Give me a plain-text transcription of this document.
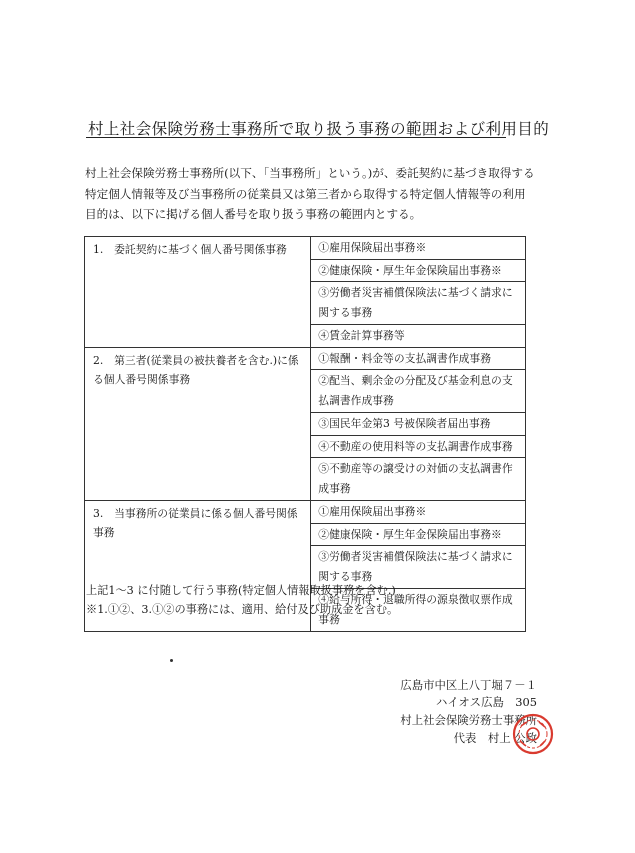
村上社会保険労務士事務所で取り扱う事務の範囲および利用目的
村上社会保険労務士事務所(以下、「当事務所」という。)が、委託契約に基づき取得する
特定個人情報等及び当事務所の従業員又は第三者から取得する特定個人情報等の利用
目的は、以下に掲げる個人番号を取り扱う事務の範囲内とする。
1.　委託契約に基づく個人番号関係事務	①雇用保険届出事務※
②健康保険・厚生年金保険届出事務※
③労働者災害補償保険法に基づく請求に関する事務
④賃金計算事務等

2.　第三者(従業員の被扶養者を含む.)に係る個人番号関係事務	①報酬・料金等の支払調書作成事務
②配当、剰余金の分配及び基金利息の支払調書作成事務
③国民年金第3 号被保険者届出事務
④不動産の使用料等の支払調書作成事務
⑤不動産等の譲受けの対価の支払調書作成事務

3.　当事務所の従業員に係る個人番号関係事務	①雇用保険届出事務※
②健康保険・厚生年金保険届出事務※
③労働者災害補償保険法に基づく請求に関する事務
④給与所得・退職所得の源泉徴収票作成事務
上記1～3 に付随して行う事務(特定個人情報取扱事務を含む.)
※1.①②、3.①②の事務には、適用、給付及び助成金を含む。
広島市中区上八丁堀７－１
ハイオス広島　305
村上社会保険労務士事務所
代表　村上 公政
